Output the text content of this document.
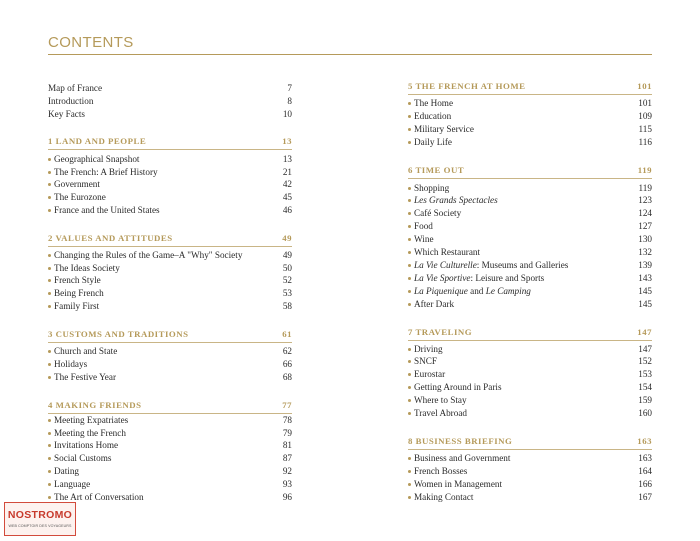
CONTENTS
Map of France	7
Introduction	8
Key Facts	10
1 LAND AND PEOPLE	13
Geographical Snapshot	13
The French: A Brief History	21
Government	42
The Eurozone	45
France and the United States	46
2 VALUES AND ATTITUDES	49
Changing the Rules of the Game–A "Why" Society	49
The Ideas Society	50
French Style	52
Being French	53
Family First	58
3 CUSTOMS AND TRADITIONS	61
Church and State	62
Holidays	66
The Festive Year	68
4 MAKING FRIENDS	77
Meeting Expatriates	78
Meeting the French	79
Invitations Home	81
Social Customs	87
Dating	92
Language	93
The Art of Conversation	96
5 THE FRENCH AT HOME	101
The Home	101
Education	109
Military Service	115
Daily Life	116
6 TIME OUT	119
Shopping	119
Les Grands Spectacles	123
Café Society	124
Food	127
Wine	130
Which Restaurant	132
La Vie Culturelle: Museums and Galleries	139
La Vie Sportive: Leisure and Sports	143
La Piquenique and Le Camping	145
After Dark	145
7 TRAVELING	147
Driving	147
SNCF	152
Eurostar	153
Getting Around in Paris	154
Where to Stay	159
Travel Abroad	160
8 BUSINESS BRIEFING	163
Business and Government	163
French Bosses	164
Women in Management	166
Making Contact	167
NOSTROMO
WEB COMPTOIR DES VOYAGEURS
